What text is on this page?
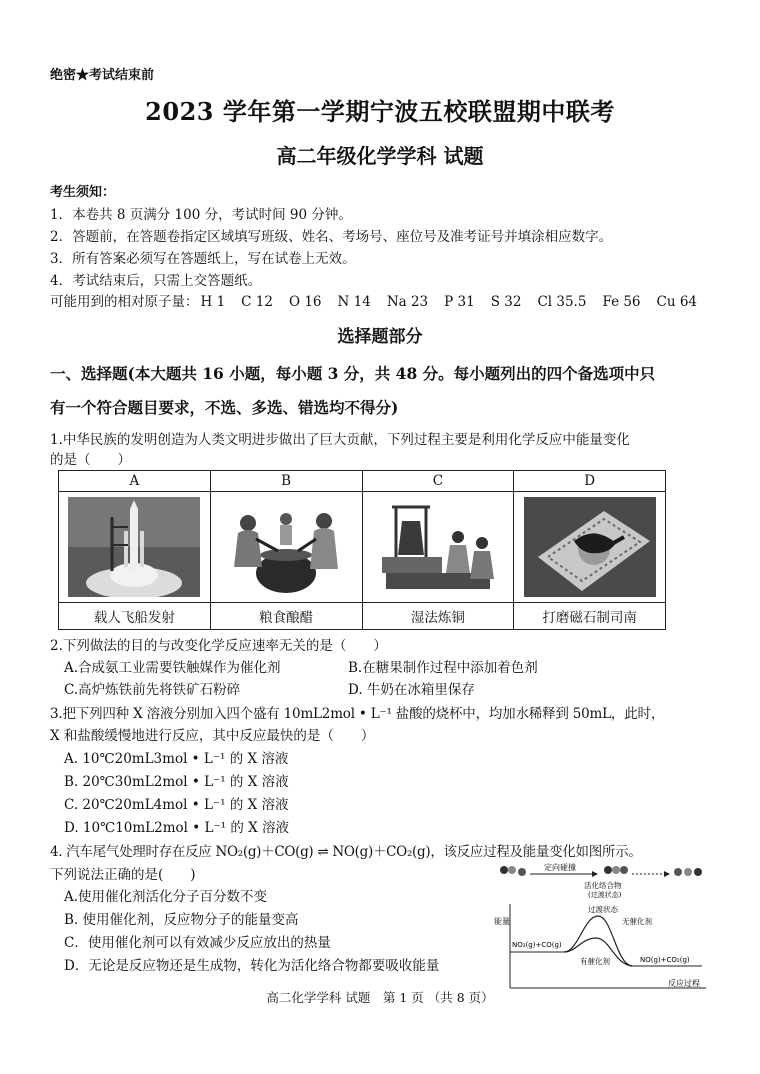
绝密★考试结束前
2023 学年第一学期宁波五校联盟期中联考
高二年级化学学科 试题
考生须知：
1．本卷共 8 页满分 100 分，考试时间 90 分钟。
2．答题前，在答题卷指定区域填写班级、姓名、考场号、座位号及准考证号并填涂相应数字。
3．所有答案必须写在答题纸上，写在试卷上无效。
4．考试结束后，只需上交答题纸。
可能用到的相对原子量： H 1 C 12 O 16 N 14 Na 23 P 31 S 32 Cl 35.5 Fe 56 Cu 64
选择题部分
一、选择题(本大题共 16 小题，每小题 3 分，共 48 分。每小题列出的四个备选项中只
有一个符合题目要求，不选、多选、错选均不得分)
1.中华民族的发明创造为人类文明进步做出了巨大贡献，下列过程主要是利用化学反应中能量变化
的是（　　）
A	B	C	D

载人飞船发射	粮食酿醋	湿法炼铜	打磨磁石制司南
2.下列做法的目的与改变化学反应速率无关的是（　　）
A.合成氨工业需要铁触媒作为催化剂	B.在糖果制作过程中添加着色剂
C.高炉炼铁前先将铁矿石粉碎	D. 牛奶在冰箱里保存
3.把下列四种 X 溶液分别加入四个盛有 10mL2mol • L⁻¹ 盐酸的烧杯中，均加水稀释到 50mL，此时，
X 和盐酸缓慢地进行反应，其中反应最快的是（　　）
A. 10℃20mL3mol • L⁻¹ 的 X 溶液
B. 20℃30mL2mol • L⁻¹ 的 X 溶液
C. 20℃20mL4mol • L⁻¹ 的 X 溶液
D. 10℃10mL2mol • L⁻¹ 的 X 溶液
4. 汽车尾气处理时存在反应 NO₂(g)＋CO(g) ⇌ NO(g)＋CO₂(g)，该反应过程及能量变化如图所示。
下列说法正确的是(　　)
A.使用催化剂活化分子百分数不变
B. 使用催化剂，反应物分子的能量变高
C．使用催化剂可以有效减少反应放出的热量
D．无论是反应物还是生成物，转化为活化络合物都要吸收能量
定向碰撞
活化络合物
(过渡状态)
能量
过渡状态
无催化剂
有催化剂
NO₂(g)+CO(g)
NO(g)+CO₂(g)
反应过程
高二化学学科 试题　第 1 页 （共 8 页）
